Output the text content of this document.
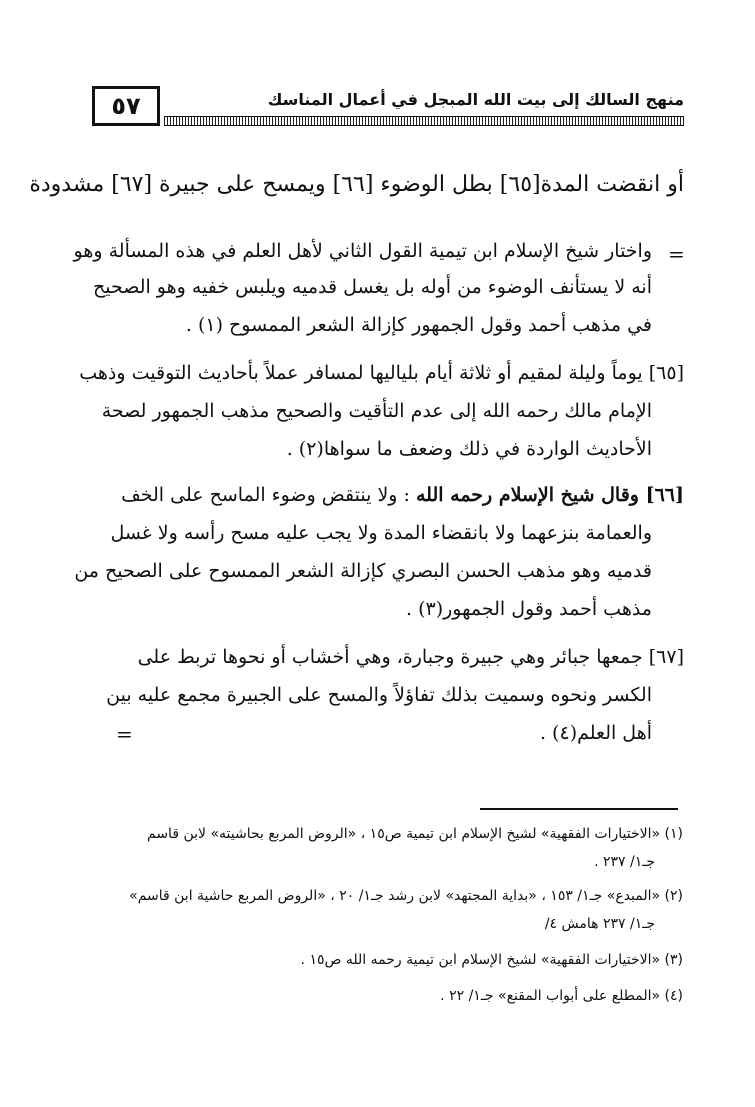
٥٧	منهج السالك إلى بيت الله المبجل في أعمال المناسك
أو انقضت المدة[٦٥] بطل الوضوء [٦٦] ويمسح على جبيرة [٦٧] مشدودة
=
واختار شيخ الإسلام ابن تيمية القول الثاني لأهل العلم في هذه المسألة وهو
أنه لا يستأنف الوضوء من أوله بل يغسل قدميه ويلبس خفيه وهو الصحيح
في مذهب أحمد وقول الجمهور كإزالة الشعر الممسوح (١) .
[٦٥] يوماً وليلة لمقيم أو ثلاثة أيام بلياليها لمسافر عملاً بأحاديث التوقيت وذهب
الإمام مالك رحمه الله إلى عدم التأقيت والصحيح مذهب الجمهور لصحة
الأحاديث الواردة في ذلك وضعف ما سواها(٢) .
[٦٦] وقال شيخ الإسلام رحمه الله : ولا ينتقض وضوء الماسح على الخف
والعمامة بنزعهما ولا بانقضاء المدة ولا يجب عليه مسح رأسه ولا غسل
قدميه وهو مذهب الحسن البصري كإزالة الشعر الممسوح على الصحيح من
مذهب أحمد وقول الجمهور(٣) .
[٦٧] جمعها جبائر وهي جبيرة وجبارة، وهي أخشاب أو نحوها تربط على
الكسر ونحوه وسميت بذلك تفاؤلاً والمسح على الجبيرة مجمع عليه بين
أهل العلم(٤) .
=
(١) «الاختيارات الفقهية» لشيخ الإسلام ابن تيمية ص١٥ ، «الروض المربع بحاشيته» لابن قاسم
جـ١/ ٢٣٧ .
(٢) «المبدع» جـ١/ ١٥٣ ، «بداية المجتهد» لابن رشد جـ١/ ٢٠ ، «الروض المربع حاشية ابن قاسم»
جـ١/ ٢٣٧ هامش ٤/
(٣) «الاختيارات الفقهية» لشيخ الإسلام ابن تيمية رحمه الله ص١٥ .
(٤) «المطلع على أبواب المقنع» جـ١/ ٢٢ .
